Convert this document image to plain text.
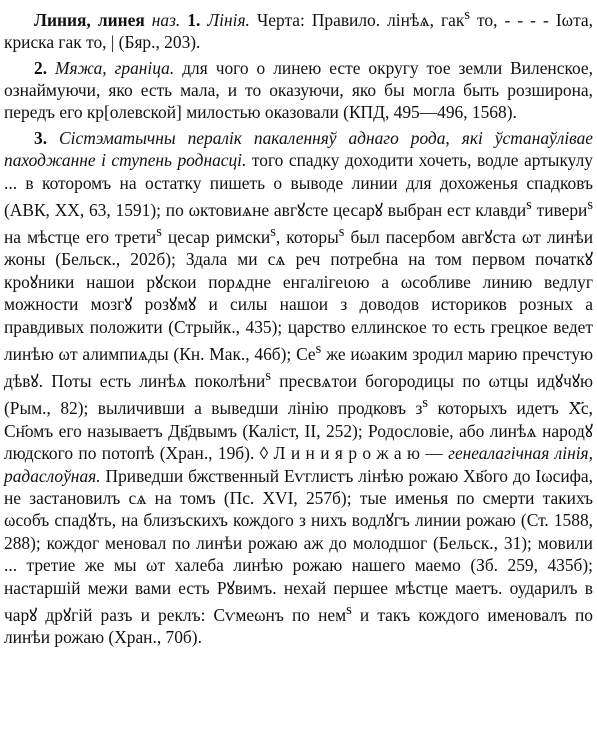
Линия, линея наз. 1. Лінія. Черта: Правило. лінѣѧ, гак$^s$ то, - - - - Iωта, криска гак то, | (Бяр., 203).

2. Мяжа, граніца. для чого о линею есте округу тое земли Виленское, ознаймуючи, яко есть мала, и то оказуючи, яко бы могла быть розширона, передъ его кр[олевской] милостью оказовали (КПД, 495—496, 1568).

3. Сістэматычны пералік пакаленняў аднаго рода, які ўстанаўлівае паходжанне і ступень роднасці. того спадку доходити хочеть, водле артыкулу ... в которомъ на остатку пишеть о выводе линии для дохоженья спадковъ (АВК, XX, 63, 1591); по ωктовиѧне авгꙋсте цесарꙋ выбран ест клавди$^s$ тивери$^s$ на мѣстце его трети$^s$ цесар римски$^s$, которы$^s$ был пасербом авгꙋста ωт линѣи жоны (Бельск., 202б); Здала ми сѧ реч потребна на том первом початкꙋ кроꙋники нашои рꙋскои порѧдне енгалiгеιою а ωсобливе линию ведлуг можности мозгꙋ розꙋмꙋ и силы нашои з доводов историков розных а правдивых положити (Стрыйк., 435); царство еллинское то есть грецкое ведет линѣю ωт алимпиѧды (Кн. Мак., 46б); $Се^s$ же иωаким зродил марию пречстую дѣвꙋ. Поты есть линѣѧ поколѣни$^s$ пресвѧтои богородицы по ωтцы идꙋчꙋю (Рым., 82); выличивши а выведши лінію продковъ $з^s$ которыхъ идетъ Х҃с, Сн҃омъ его называетъ Дв҃двымъ (Каліст, II, 252); Родословіе, або линѣѧ народꙋ людского по потопѣ (Хран., 19б). ◊ Л и н и я р о ж а ю — генеалагічная лінія, радаслоўная. Приведши бжственный Еѵглистъ лінѣю рожаю Хв҃ого до Iωсифа, не застановилъ сѧ на томъ (Пс. XVI, 257б); тые именья по смерти такихъ ωсобъ спадꙋть, на близъскихъ кождого з нихъ водлꙋгъ линии рожаю (Ст. 1588, 288); кождог меновал по линѣи рожаю аж до молодшог (Бельск., 31); мовили ... третие же мы ωт халеба линѣю рожаю нашего маемо (Зб. 259, 435б); настаршій межи вами есть Рꙋвимъ. нехай першее мѣстце маетъ. оударилъ в чарꙋ дрꙋгій разъ и реклъ: Сѵмеωнъ по нем$^s$ и такъ кождого именовалъ по линѣи рожаю (Хран., 70б).
